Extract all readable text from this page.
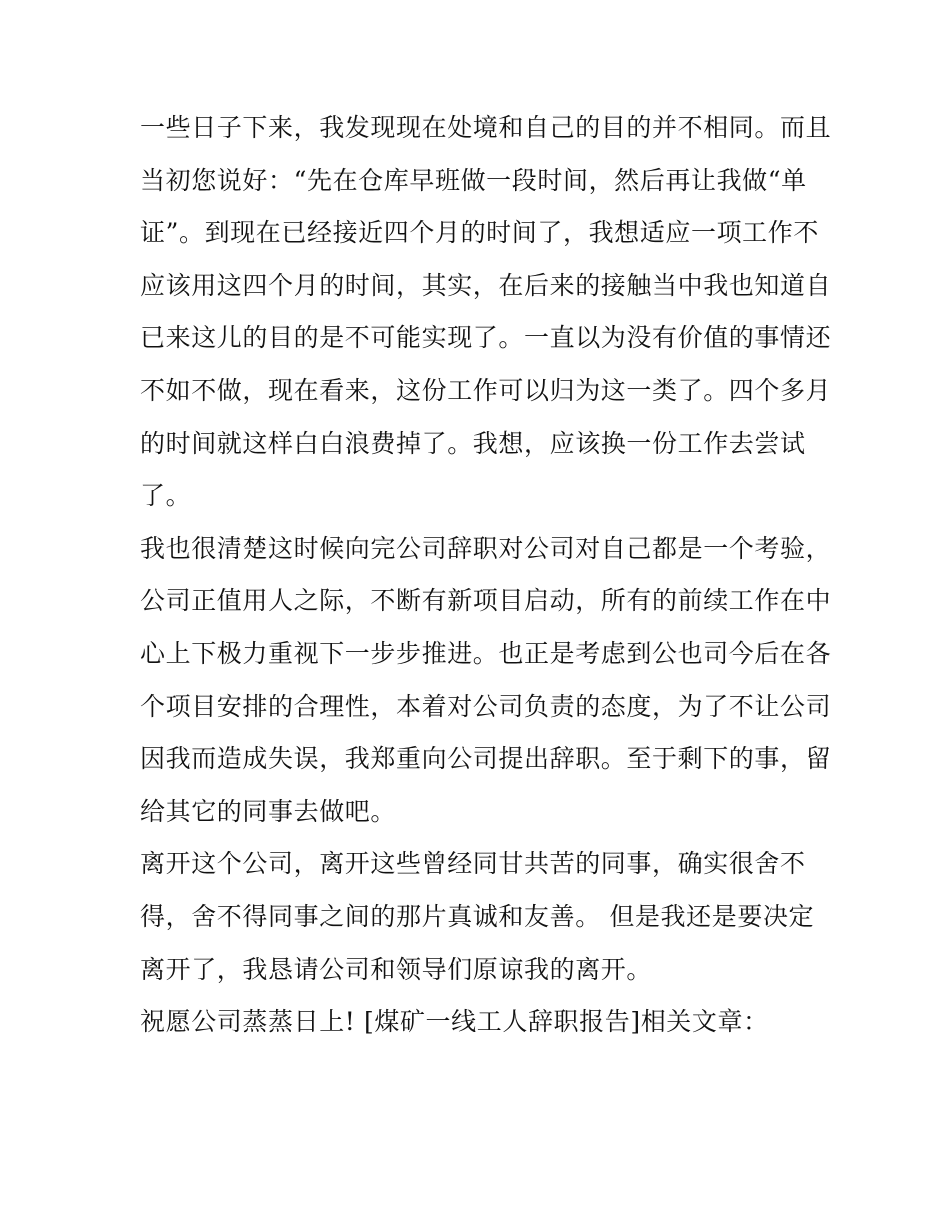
一些日子下来，我发现现在处境和自己的目的并不相同。而且
当初您说好：“先在仓库早班做一段时间，然后再让我做“单
证”。到现在已经接近四个月的时间了，我想适应一项工作不
应该用这四个月的时间，其实，在后来的接触当中我也知道自
已来这儿的目的是不可能实现了。一直以为没有价值的事情还
不如不做，现在看来，这份工作可以归为这一类了。四个多月
的时间就这样白白浪费掉了。我想，应该换一份工作去尝试
了。
我也很清楚这时候向完公司辞职对公司对自己都是一个考验，
公司正值用人之际，不断有新项目启动，所有的前续工作在中
心上下极力重视下一步步推进。也正是考虑到公也司今后在各
个项目安排的合理性，本着对公司负责的态度，为了不让公司
因我而造成失误，我郑重向公司提出辞职。至于剩下的事，留
给其它的同事去做吧。
离开这个公司，离开这些曾经同甘共苦的同事，确实很舍不
得，舍不得同事之间的那片真诚和友善。 但是我还是要决定
离开了，我恳请公司和领导们原谅我的离开。
祝愿公司蒸蒸日上! [煤矿一线工人辞职报告]相关文章：
